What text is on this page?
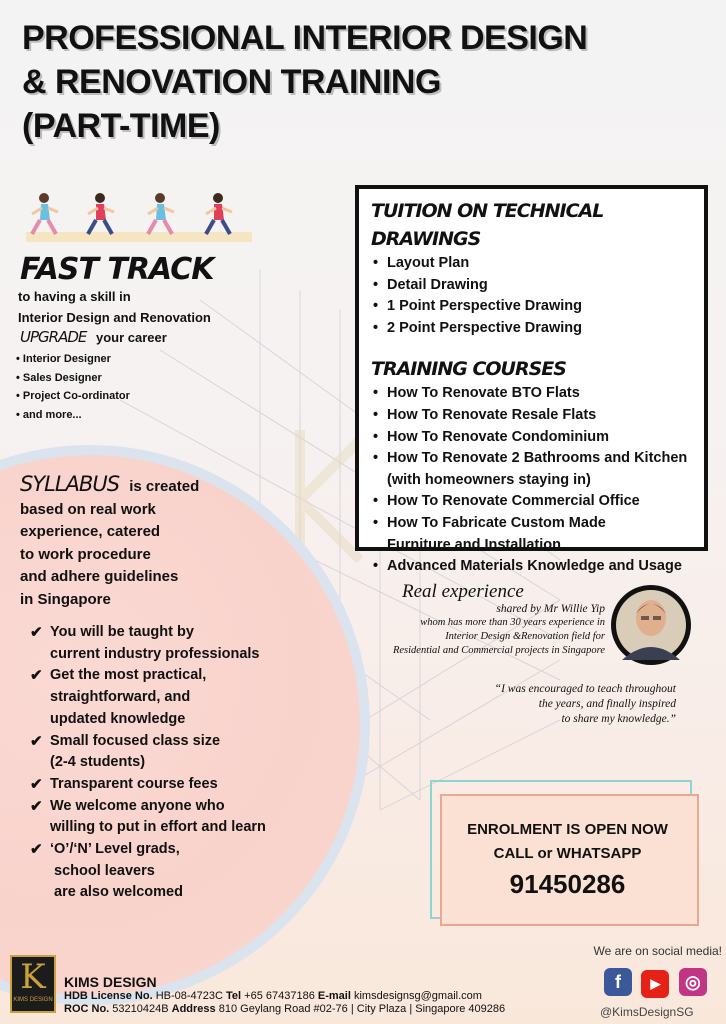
PROFESSIONAL INTERIOR DESIGN
& RENOVATION TRAINING
(PART-TIME)
FAST TRACK
to having a skill in
Interior Design and Renovation
UPGRADE your career
• Interior Designer
• Sales Designer
• Project Co-ordinator
• and more...
TUITION ON TECHNICAL DRAWINGS
• Layout Plan
• Detail Drawing
• 1 Point Perspective Drawing
• 2 Point Perspective Drawing
TRAINING COURSES
• How To Renovate BTO Flats
• How To Renovate Resale Flats
• How To Renovate Condominium
• How To Renovate 2 Bathrooms and Kitchen
(with homeowners staying in)
• How To Renovate Commercial Office
• How To Fabricate Custom Made
Furniture and Installation
• Advanced Materials Knowledge and Usage
SYLLABUS is created
based on real work
experience, catered
to work procedure
and adhere guidelines
in Singapore
✔ You will be taught by
current industry professionals
✔ Get the most practical,
straightforward, and
updated knowledge
✔ Small focused class size
(2-4 students)
✔ Transparent course fees
✔ We welcome anyone who
willing to put in effort and learn
✔ ‘O’/‘N’ Level grads,
school leavers
are also welcomed
Real experience
shared by Mr Willie Yip
whom has more than 30 years experience in
Interior Design &Renovation field for
Residential and Commercial projects in Singapore
“I was encouraged to teach throughout
the years, and finally inspired
to share my knowledge.”
ENROLMENT IS OPEN NOW
CALL or WHATSAPP
91450286
K
KIMS DESIGN
KIMS DESIGN
HDB License No. HB-08-4723C Tel +65 67437186 E-mail kimsdesignsg@gmail.com
ROC No. 53210424B Address 810 Geylang Road #02-76 | City Plaza | Singapore 409286
We are on social media!
f ▶ ◎
@KimsDesignSG
